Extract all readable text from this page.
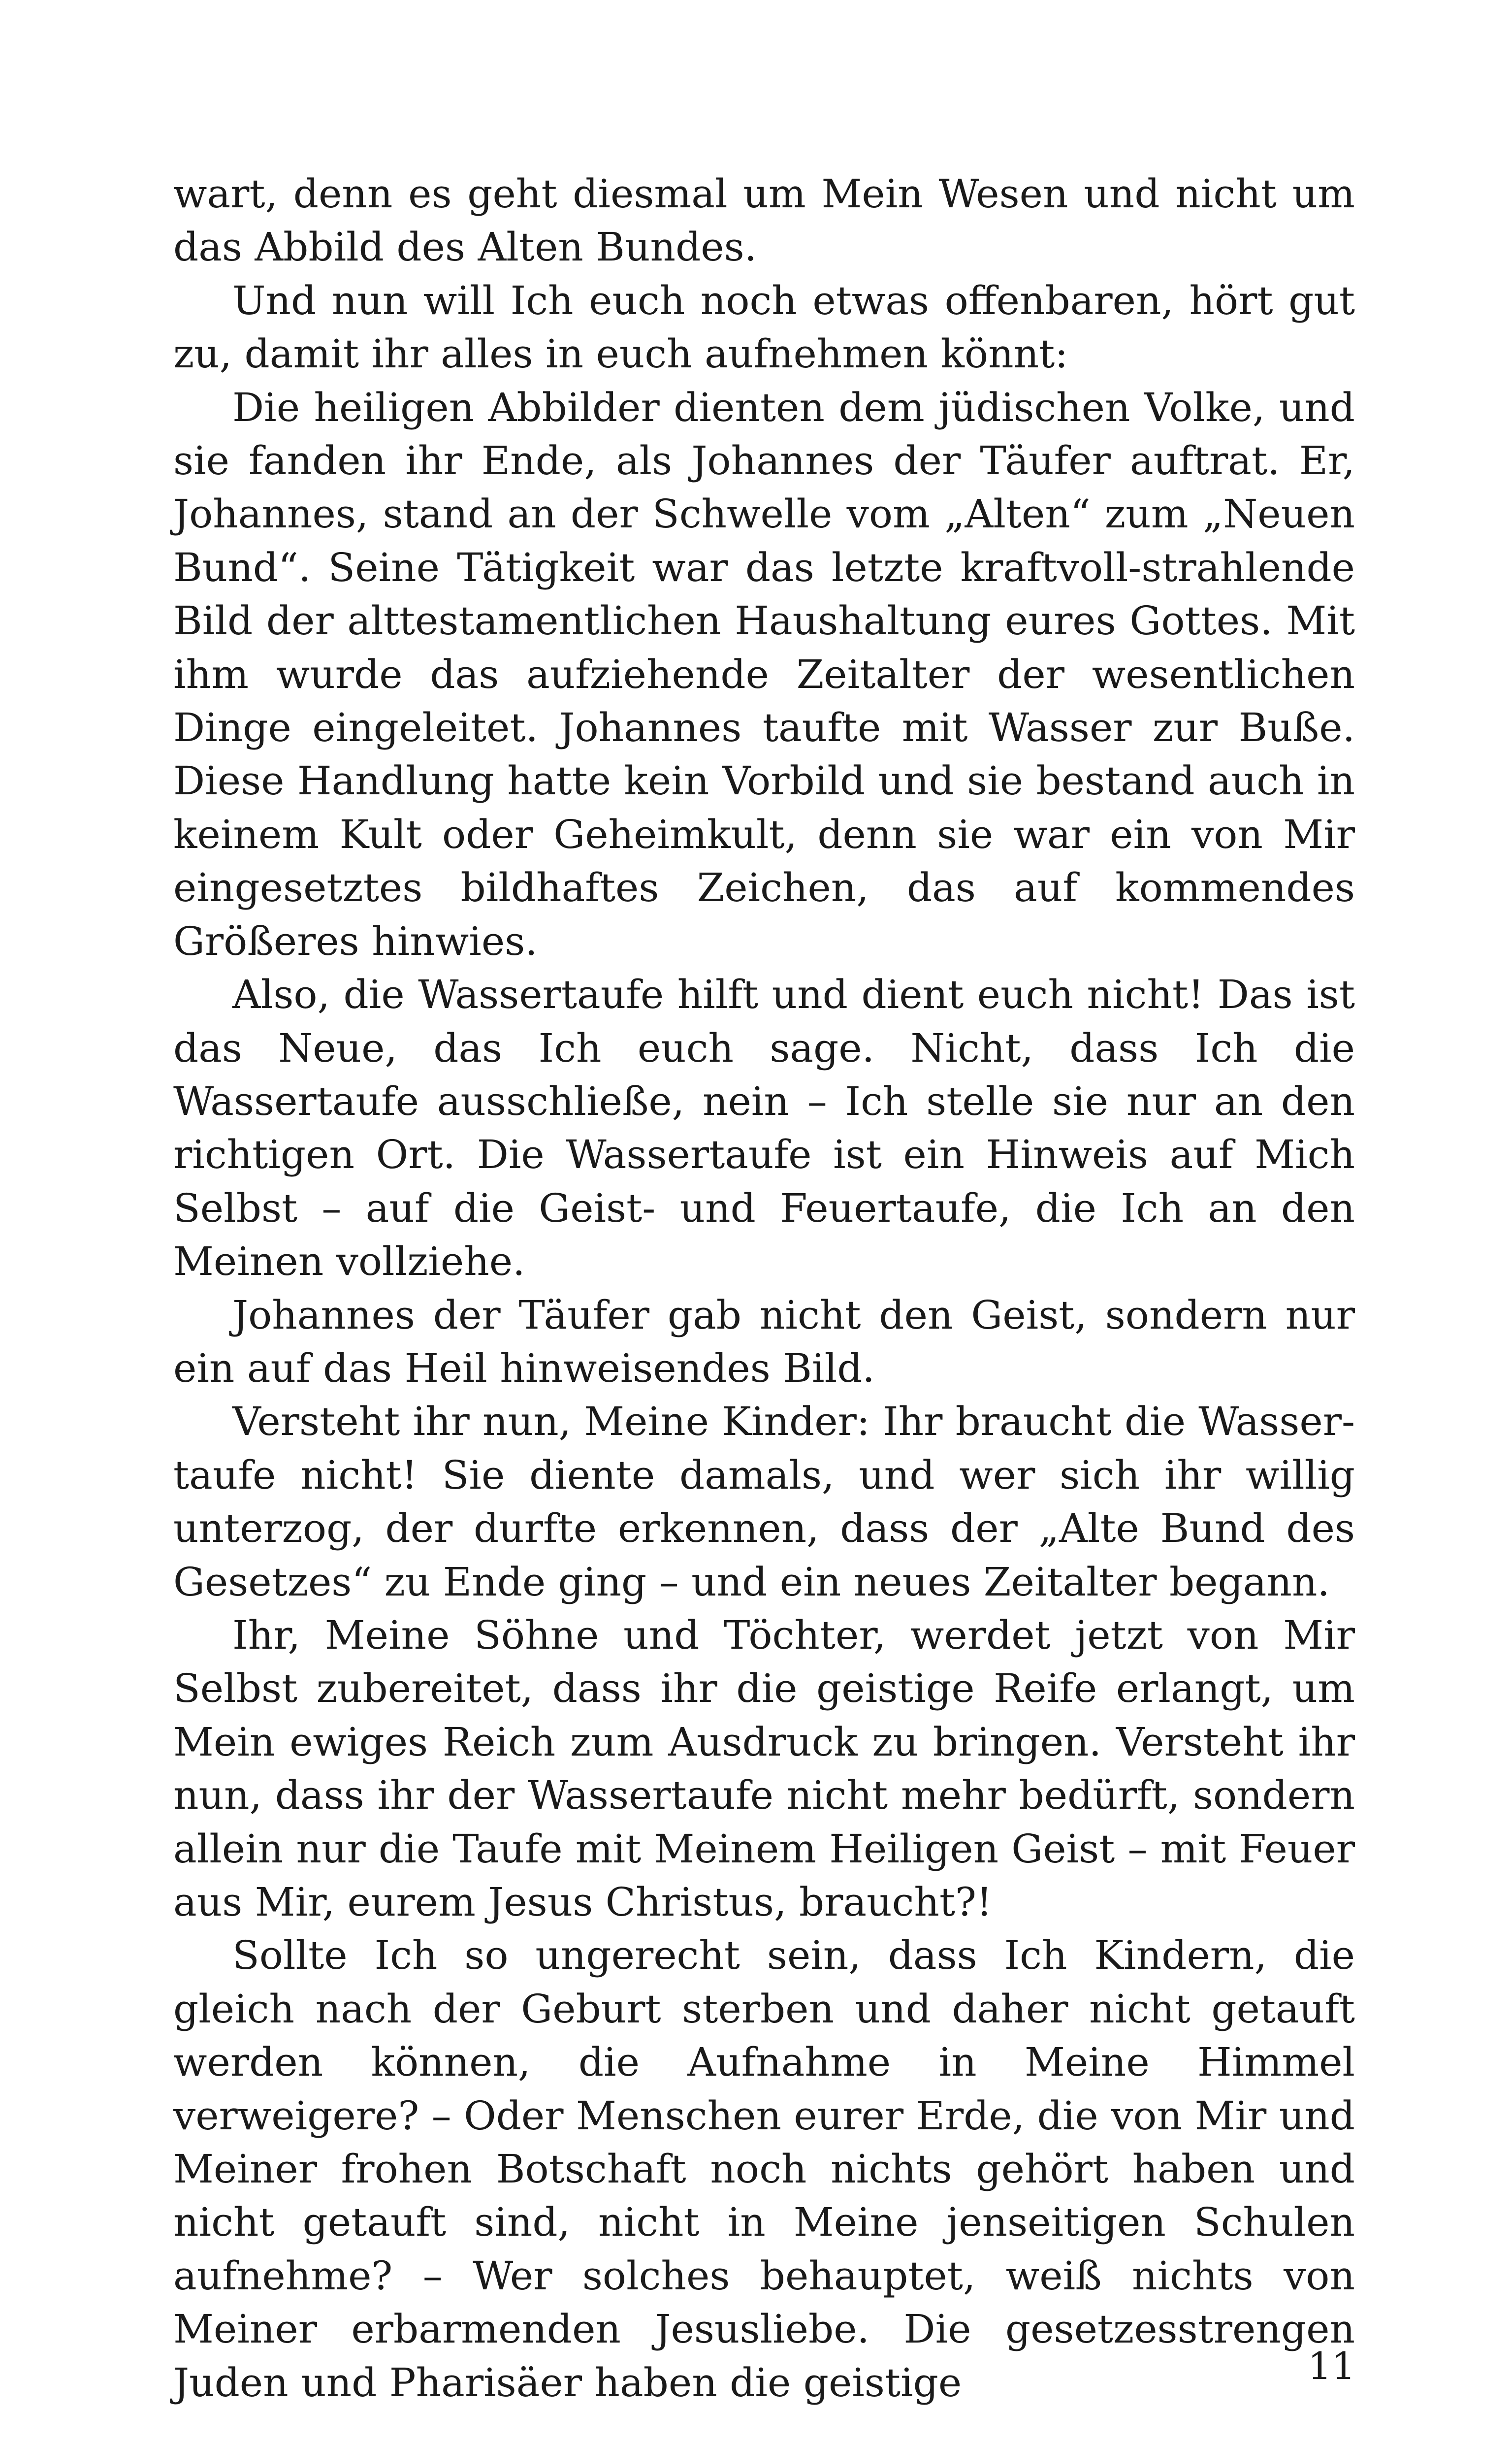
wart, denn es geht diesmal um Mein Wesen und nicht um das Abbild des Alten Bundes.

Und nun will Ich euch noch etwas offenbaren, hört gut zu, damit ihr alles in euch aufnehmen könnt:

Die heiligen Abbilder dienten dem jüdischen Volke, und sie fanden ihr Ende, als Johannes der Täufer auftrat. Er, Johannes, stand an der Schwelle vom „Alten“ zum „Neuen Bund“. Seine Tätigkeit war das letzte kraftvoll-strahlende Bild der alttestamentlichen Haushaltung eures Gottes. Mit ihm wurde das aufziehende Zeitalter der wesentlichen Dinge eingeleitet. Johannes taufte mit Wasser zur Buße. Diese Handlung hatte kein Vorbild und sie bestand auch in keinem Kult oder Geheimkult, denn sie war ein von Mir eingesetztes bildhaftes Zeichen, das auf kommendes Größeres hinwies.

Also, die Wassertaufe hilft und dient euch nicht! Das ist das Neue, das Ich euch sage. Nicht, dass Ich die Wassertaufe ausschließe, nein – Ich stelle sie nur an den richtigen Ort. Die Wassertaufe ist ein Hinweis auf Mich Selbst – auf die Geist- und Feuertaufe, die Ich an den Meinen vollziehe.

Johannes der Täufer gab nicht den Geist, sondern nur ein auf das Heil hinweisendes Bild.

Versteht ihr nun, Meine Kinder: Ihr braucht die Wassertaufe nicht! Sie diente damals, und wer sich ihr willig unterzog, der durfte erkennen, dass der „Alte Bund des Gesetzes“ zu Ende ging – und ein neues Zeitalter begann.

Ihr, Meine Söhne und Töchter, werdet jetzt von Mir Selbst zubereitet, dass ihr die geistige Reife erlangt, um Mein ewiges Reich zum Ausdruck zu bringen. Versteht ihr nun, dass ihr der Wassertaufe nicht mehr bedürft, sondern allein nur die Taufe mit Meinem Heiligen Geist – mit Feuer aus Mir, eurem Jesus Christus, braucht?!

Sollte Ich so ungerecht sein, dass Ich Kindern, die gleich nach der Geburt sterben und daher nicht getauft werden können, die Aufnahme in Meine Himmel verweigere? – Oder Menschen eurer Erde, die von Mir und Meiner frohen Botschaft noch nichts gehört haben und nicht getauft sind, nicht in Meine jenseitigen Schulen aufnehme? – Wer solches behauptet, weiß nichts von Meiner erbarmenden Jesusliebe. Die gesetzesstrengen Juden und Pharisäer haben die geistige	11
